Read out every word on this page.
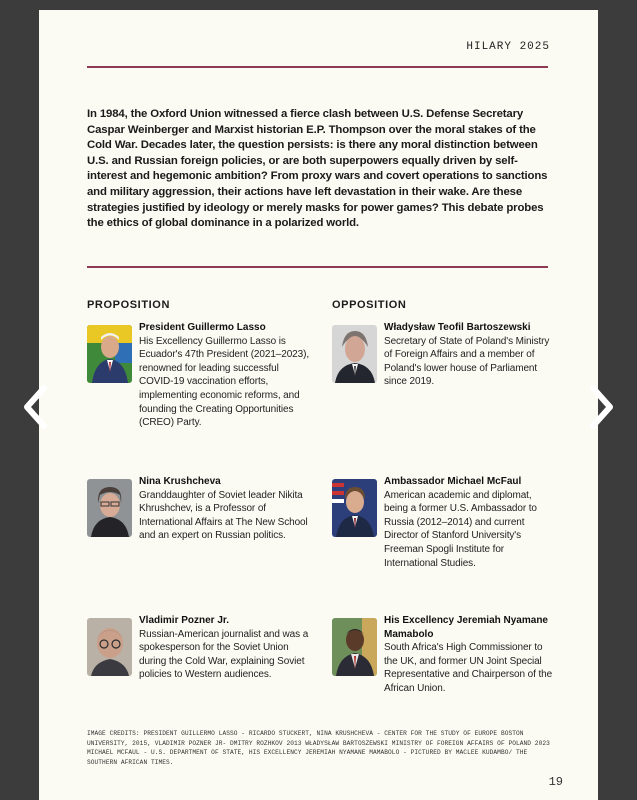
HILARY 2025

In 1984, the Oxford Union witnessed a fierce clash between U.S. Defense Secretary Caspar Weinberger and Marxist historian E.P. Thompson over the moral stakes of the Cold War. Decades later, the question persists: is there any moral distinction between U.S. and Russian foreign policies, or are both superpowers equally driven by self-interest and hegemonic ambition? From proxy wars and covert operations to sanctions and military aggression, their actions have left devastation in their wake. Are these strategies justified by ideology or merely masks for power games? This debate probes the ethics of global dominance in a polarized world.

PROPOSITION	OPPOSITION

President Guillermo Lasso

His Excellency Guillermo Lasso is Ecuador's 47th President (2021–2023), renowned for leading successful COVID-19 vaccination efforts, implementing economic reforms, and founding the Creating Opportunities (CREO) Party.

Nina Krushcheva

Granddaughter of Soviet leader Nikita Khrushchev, is a Professor of International Affairs at The New School and an expert on Russian politics.

Vladimir Pozner Jr.

Russian-American journalist and was a spokesperson for the Soviet Union during the Cold War, explaining Soviet policies to Western audiences.

Władysław Teofil Bartoszewski

Secretary of State of Poland's Ministry of Foreign Affairs and a member of Poland's lower house of Parliament since 2019.

Ambassador Michael McFaul

American academic and diplomat, being a former U.S. Ambassador to Russia (2012–2014) and current Director of Stanford University's Freeman Spogli Institute for International Studies.

His Excellency Jeremiah Nyamane Mamabolo

South Africa's High Commissioner to the UK, and former UN Joint Special Representative and Chairperson of the African Union.

IMAGE CREDITS: PRESIDENT GUILLERMO LASSO - RICARDO STUCKERT, NINA KRUSHCHEVA - CENTER FOR THE STUDY OF EUROPE BOSTON UNIVERSITY, 2015, VLADIMIR POZNER JR- DMITRY ROZHKOV 2013 WŁADYSŁAW BARTOSZEWSKI MINISTRY OF FOREIGN AFFAIRS OF POLAND 2023 MICHAEL MCFAUL - U.S. DEPARTMENT OF STATE, HIS EXCELLENCY JEREMIAH NYAMANE MAMABOLO - PICTURED BY MACLEE KUDAMBO/ THE SOUTHERN AFRICAN TIMES.

19
